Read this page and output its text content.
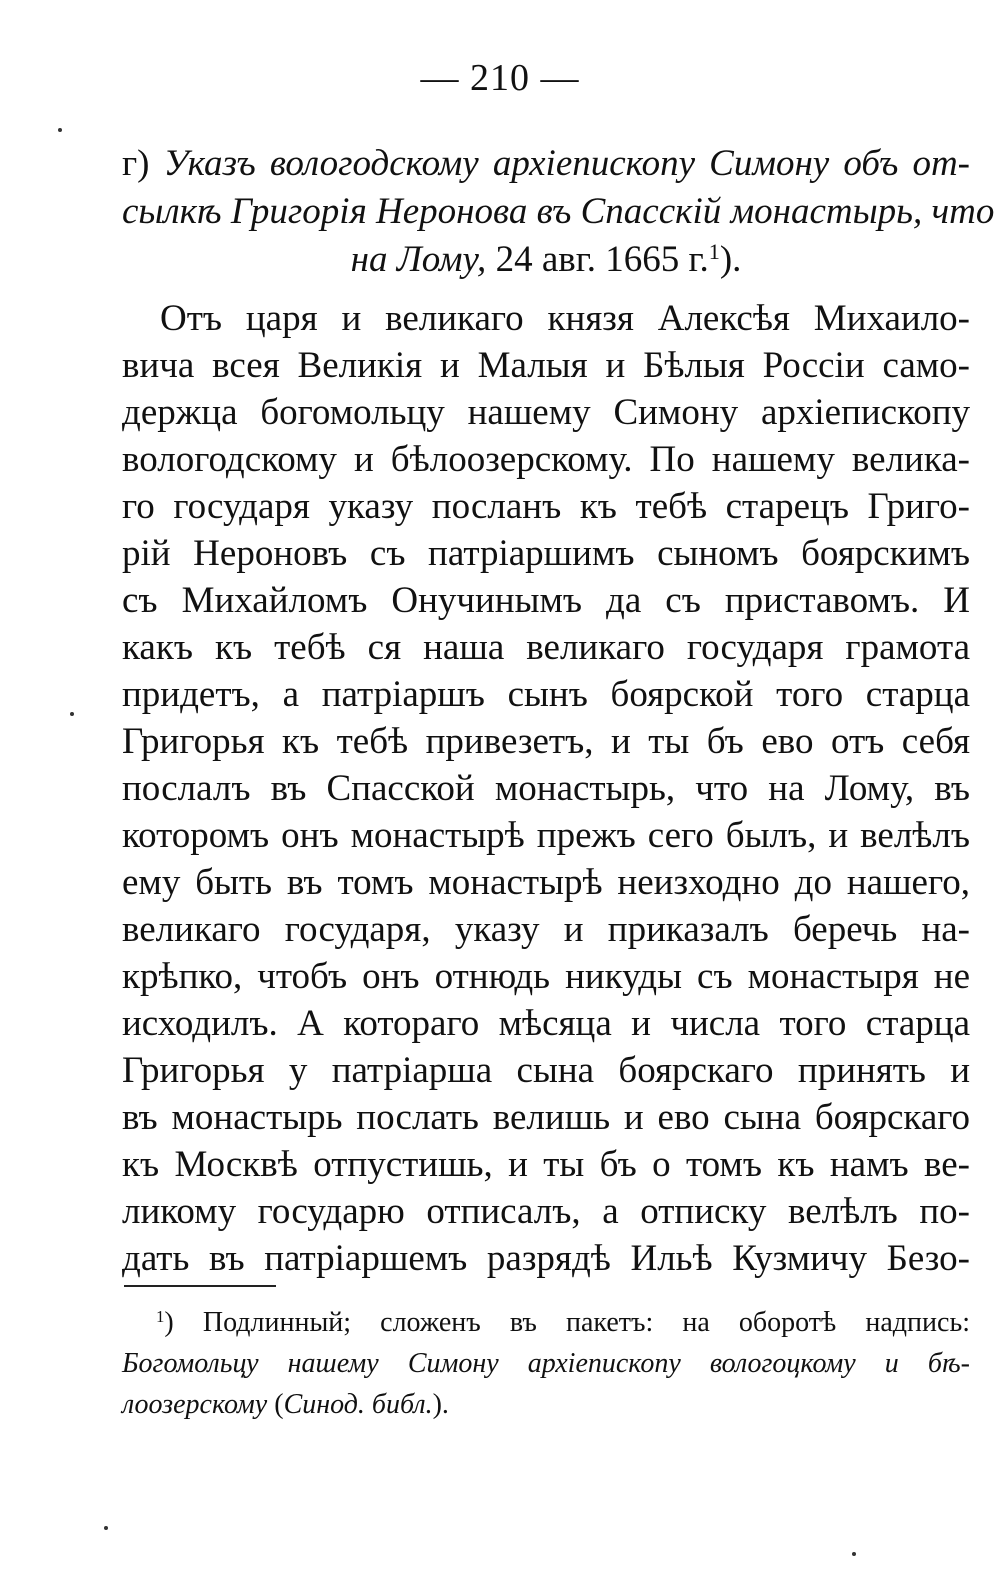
— 210 —
г) Указъ вологодскому архіепископу Симону объ от-
сылкѣ Григорія Неронова въ Спасскій монастырь, что
на Лому, 24 авг. 1665 г.$^1$).
Отъ царя и великаго князя Алексѣя Михаило-
вича всея Великія и Малыя и Бѣлыя Россіи само-
держца богомольцу нашему Симону архіепископу
вологодскому и бѣлоозерскому. По нашему велика-
го государя указу посланъ къ тебѣ старецъ Григо-
рій Нероновъ съ патріаршимъ сыномъ боярскимъ
съ Михайломъ Онучинымъ да съ приставомъ. И
какъ къ тебѣ ся наша великаго государя грамота
придетъ, а патріаршъ сынъ боярской того старца
Григорья къ тебѣ привезетъ, и ты бъ ево отъ себя
послалъ въ Спасской монастырь, что на Лому, въ
которомъ онъ монастырѣ прежъ сего былъ, и велѣлъ
ему быть въ томъ монастырѣ неизходно до нашего,
великаго государя, указу и приказалъ беречь на-
крѣпко, чтобъ онъ отнюдь никуды съ монастыря не
исходилъ. А котораго мѣсяца и числа того старца
Григорья у патріарша сына боярскаго принять и
въ монастырь послать велишь и ево сына боярскаго
къ Москвѣ отпустишь, и ты бъ о томъ къ намъ ве-
ликому государю отписалъ, а отписку велѣлъ по-
дать въ патріаршемъ разрядѣ Ильѣ Кузмичу Безо-
$^1$) Подлинный; сложенъ въ пакетъ: на оборотѣ надпись:
Богомольцу нашему Симону архіепископу вологоцкому и бѣ-
лоозерскому (Синод. библ.).
